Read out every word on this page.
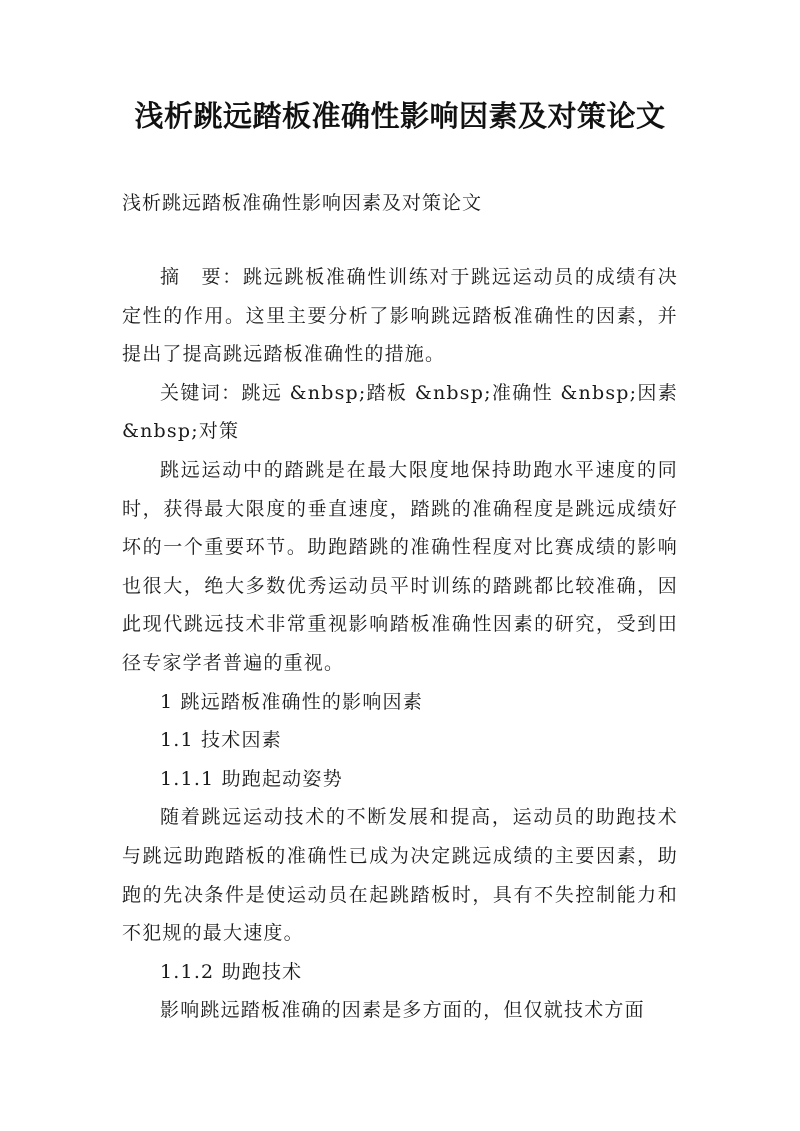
浅析跳远踏板准确性影响因素及对策论文
浅析跳远踏板准确性影响因素及对策论文

摘　要：跳远跳板准确性训练对于跳远运动员的成绩有决定性的作用。这里主要分析了影响跳远踏板准确性的因素，并提出了提高跳远踏板准确性的措施。

关键词：跳远 &nbsp;踏板 &nbsp;准确性 &nbsp;因素 &nbsp;对策

跳远运动中的踏跳是在最大限度地保持助跑水平速度的同时，获得最大限度的垂直速度，踏跳的准确程度是跳远成绩好坏的一个重要环节。助跑踏跳的准确性程度对比赛成绩的影响也很大，绝大多数优秀运动员平时训练的踏跳都比较准确，因此现代跳远技术非常重视影响踏板准确性因素的研究，受到田径专家学者普遍的重视。

1 跳远踏板准确性的影响因素

1.1 技术因素

1.1.1 助跑起动姿势

随着跳远运动技术的不断发展和提高，运动员的助跑技术与跳远助跑踏板的准确性已成为决定跳远成绩的主要因素，助跑的先决条件是使运动员在起跳踏板时，具有不失控制能力和不犯规的最大速度。

1.1.2 助跑技术

影响跳远踏板准确的因素是多方面的，但仅就技术方面
